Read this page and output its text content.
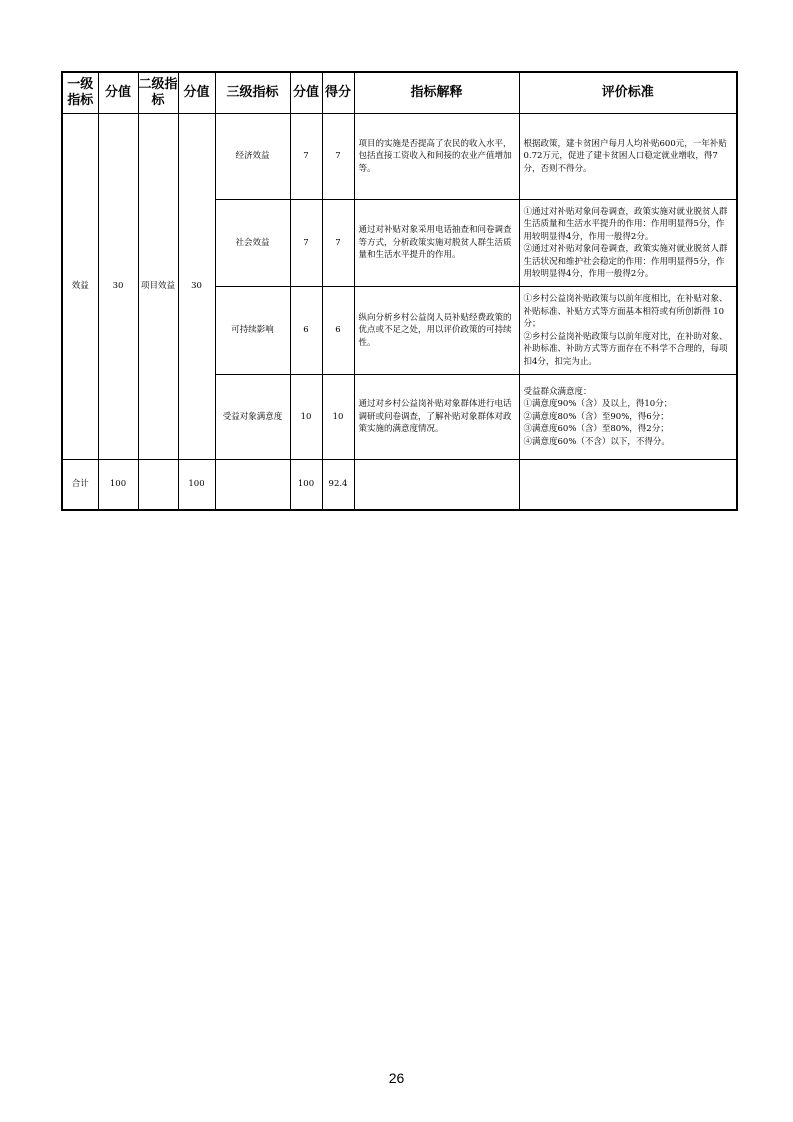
一级指标	分值	二级指标	分值	三级指标	分值	得分	指标解释	评价标准
效益	30	项目效益	30	经济效益	7	7	项目的实施是否提高了农民的收入水平，包括直接工资收入和间接的农业产值增加等。	根据政策，建卡贫困户每月人均补贴600元，一年补贴0.72万元，促进了建卡贫困人口稳定就业增收，得7分，否则不得分。

				社会效益	7	7	通过对补贴对象采用电话抽查和问卷调查等方式，分析政策实施对脱贫人群生活质量和生活水平提升的作用。	①通过对补贴对象问卷调查，政策实施对就业脱贫人群生活质量和生活水平提升的作用：作用明显得5分，作用较明显得4分，作用一般得2分。
②通过对补贴对象问卷调查，政策实施对就业脱贫人群生活状况和维护社会稳定的作用：作用明显得5分，作用较明显得4分，作用一般得2分。

				可持续影响	6	6	纵向分析乡村公益岗人员补贴经费政策的优点或不足之处，用以评价政策的可持续性。	①乡村公益岗补贴政策与以前年度相比，在补贴对象、补贴标准、补贴方式等方面基本相符或有所创新得 10分；
②乡村公益岗补贴政策与以前年度对比，在补助对象、补助标准、补助方式等方面存在不科学不合理的，每项扣4分，扣完为止。

				受益对象满意度	10	10	通过对乡村公益岗补贴对象群体进行电话调研或问卷调查，了解补贴对象群体对政策实施的满意度情况。	受益群众满意度：
①满意度90%（含）及以上，得10分；
②满意度80%（含）至90%，得6分；
③满意度60%（含）至80%，得2分；
④满意度60%（不含）以下，不得分。

合计	100		100		100	92.4		
26
